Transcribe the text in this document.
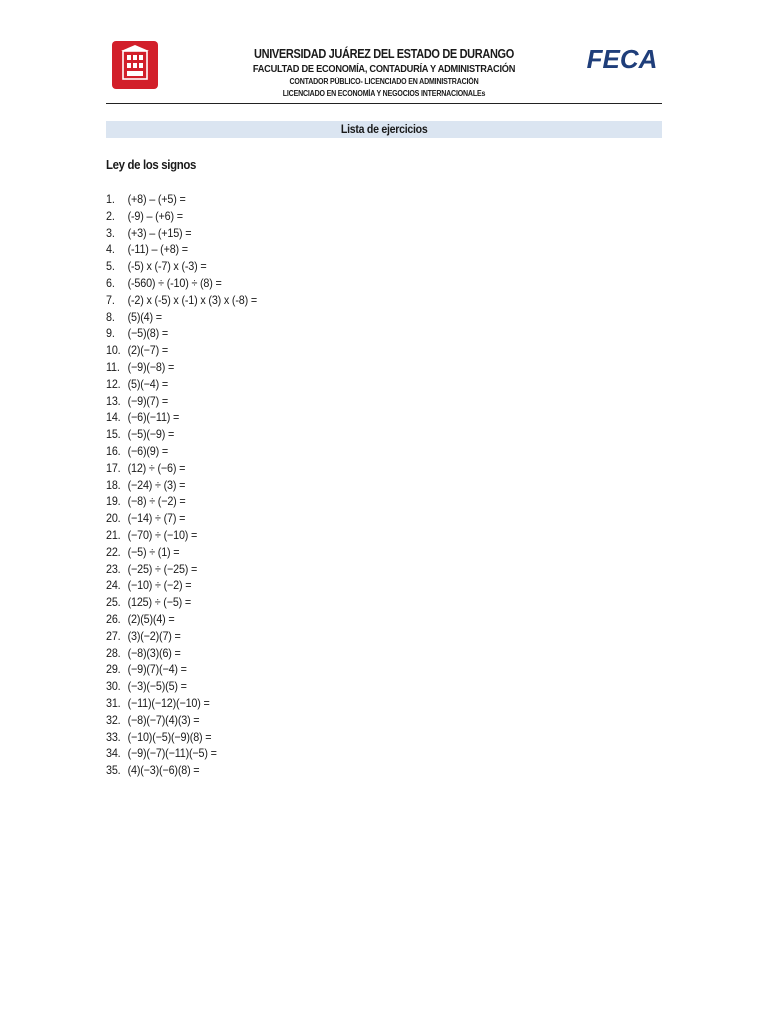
UNIVERSIDAD JUÁREZ DEL ESTADO DE DURANGO
FACULTAD DE ECONOMÍA, CONTADURÍA Y ADMINISTRACIÓN
CONTADOR PÚBLICO- LICENCIADO EN ADMINISTRACIÓN
LICENCIADO EN ECONOMÍA Y NEGOCIOS INTERNACIONALEs
FECA
Lista de ejercicios
Ley de los signos
1. (+8) – (+5) =
2. (-9) – (+6) =
3. (+3) – (+15) =
4. (-11) – (+8) =
5. (-5) x (-7) x (-3) =
6. (-560) ÷ (-10) ÷ (8) =
7. (-2) x (-5) x (-1) x (3) x (-8) =
8. (5)(4) =
9. (−5)(8) =
10. (2)(−7) =
11. (−9)(−8) =
12. (5)(−4) =
13. (−9)(7) =
14. (−6)(−11) =
15. (−5)(−9) =
16. (−6)(9) =
17. (12) ÷ (−6) =
18. (−24) ÷ (3) =
19. (−8) ÷ (−2) =
20. (−14) ÷ (7) =
21. (−70) ÷ (−10) =
22. (−5) ÷ (1) =
23. (−25) ÷ (−25) =
24. (−10) ÷ (−2) =
25. (125) ÷ (−5) =
26. (2)(5)(4) =
27. (3)(−2)(7) =
28. (−8)(3)(6) =
29. (−9)(7)(−4) =
30. (−3)(−5)(5) =
31. (−11)(−12)(−10) =
32. (−8)(−7)(4)(3) =
33. (−10)(−5)(−9)(8) =
34. (−9)(−7)(−11)(−5) =
35. (4)(−3)(−6)(8) =
